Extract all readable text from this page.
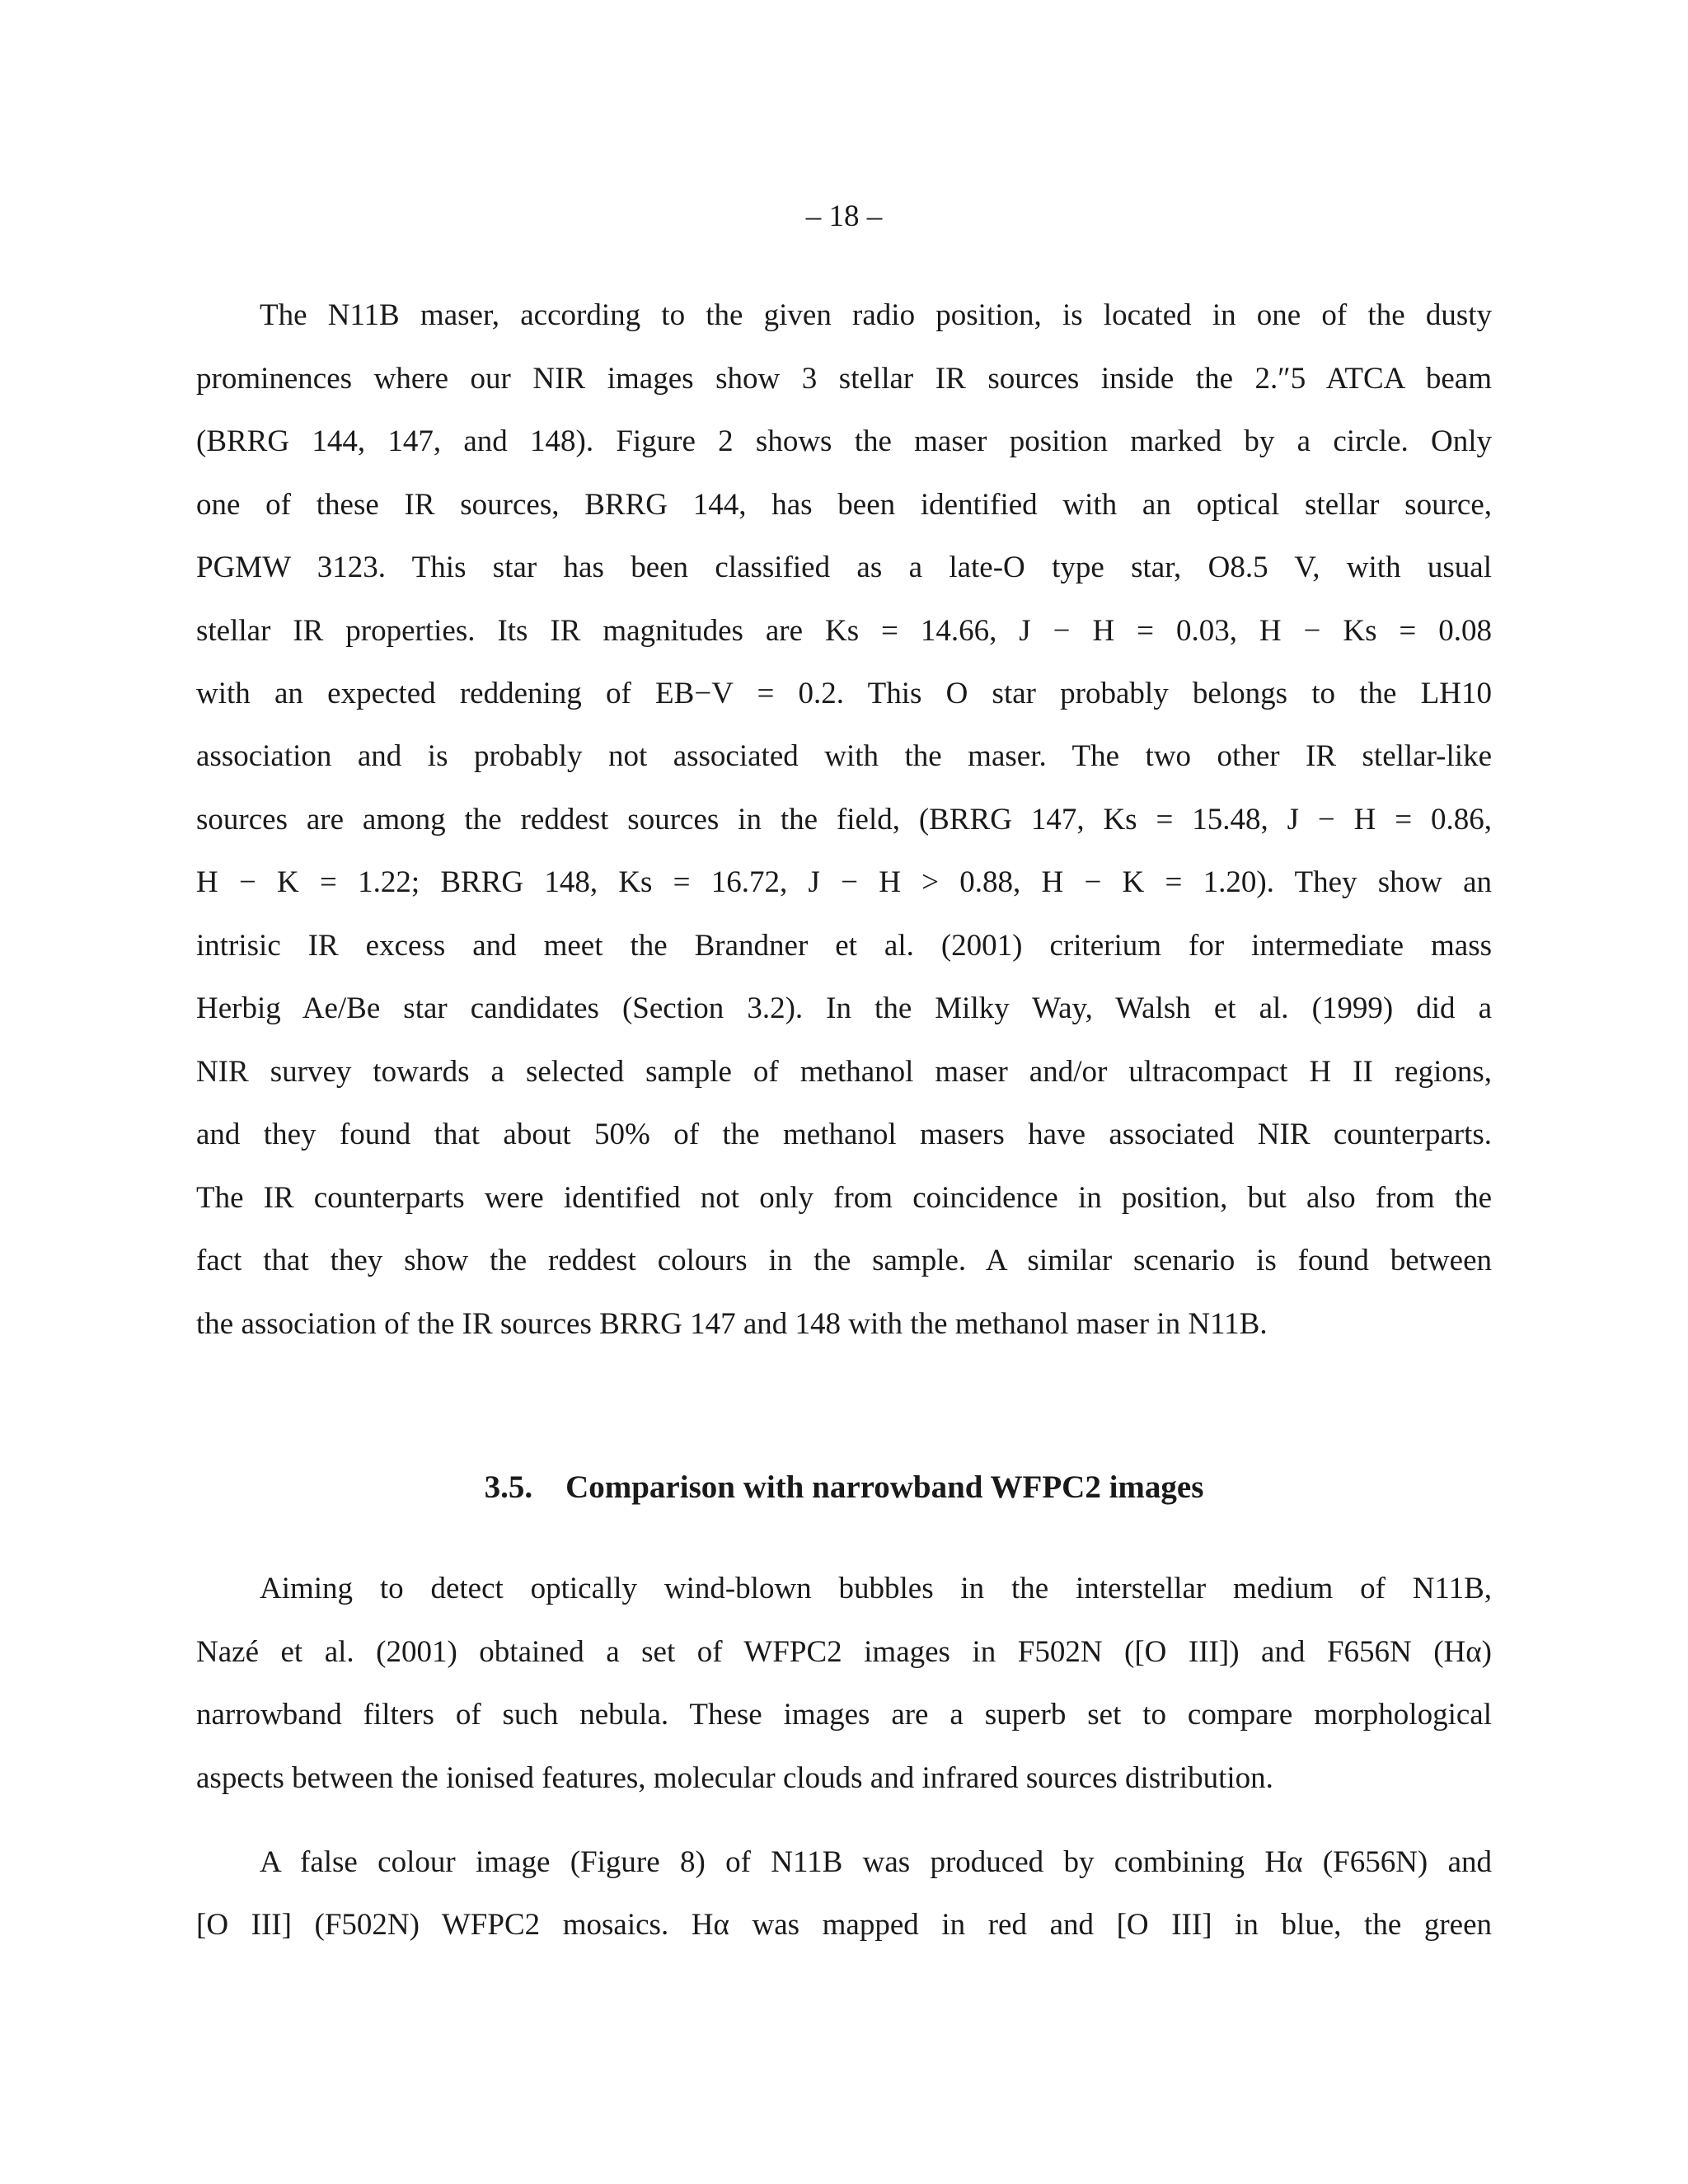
– 18 –
The N11B maser, according to the given radio position, is located in one of the dusty
prominences where our NIR images show 3 stellar IR sources inside the 2.″5 ATCA beam
(BRRG 144, 147, and 148). Figure 2 shows the maser position marked by a circle. Only
one of these IR sources, BRRG 144, has been identified with an optical stellar source,
PGMW 3123. This star has been classified as a late-O type star, O8.5 V, with usual
stellar IR properties. Its IR magnitudes are Ks = 14.66, J − H = 0.03, H − Ks = 0.08
with an expected reddening of EB−V = 0.2. This O star probably belongs to the LH10
association and is probably not associated with the maser. The two other IR stellar-like
sources are among the reddest sources in the field, (BRRG 147, Ks = 15.48, J − H = 0.86,
H − K = 1.22; BRRG 148, Ks = 16.72, J − H > 0.88, H − K = 1.20). They show an
intrisic IR excess and meet the Brandner et al. (2001) criterium for intermediate mass
Herbig Ae/Be star candidates (Section 3.2). In the Milky Way, Walsh et al. (1999) did a
NIR survey towards a selected sample of methanol maser and/or ultracompact H II regions,
and they found that about 50% of the methanol masers have associated NIR counterparts.
The IR counterparts were identified not only from coincidence in position, but also from the
fact that they show the reddest colours in the sample. A similar scenario is found between
the association of the IR sources BRRG 147 and 148 with the methanol maser in N11B.
3.5. Comparison with narrowband WFPC2 images
Aiming to detect optically wind-blown bubbles in the interstellar medium of N11B,
Nazé et al. (2001) obtained a set of WFPC2 images in F502N ([O III]) and F656N (Hα)
narrowband filters of such nebula. These images are a superb set to compare morphological
aspects between the ionised features, molecular clouds and infrared sources distribution.
A false colour image (Figure 8) of N11B was produced by combining Hα (F656N) and
[O III] (F502N) WFPC2 mosaics. Hα was mapped in red and [O III] in blue, the green
